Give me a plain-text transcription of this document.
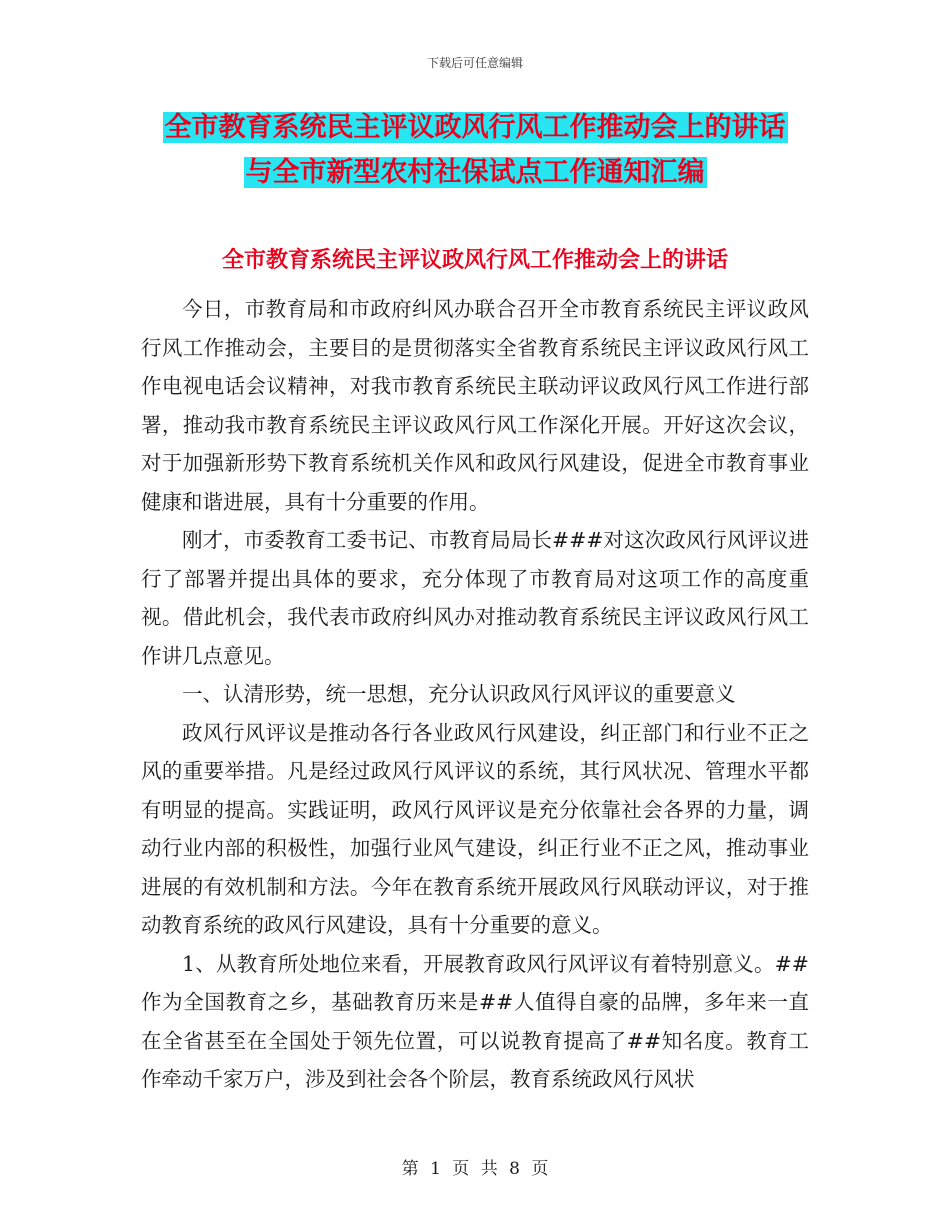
下载后可任意编辑
全市教育系统民主评议政风行风工作推动会上的讲话
与全市新型农村社保试点工作通知汇编
全市教育系统民主评议政风行风工作推动会上的讲话

今日，市教育局和市政府纠风办联合召开全市教育系统民主评议政风行风工作推动会，主要目的是贯彻落实全省教育系统民主评议政风行风工作电视电话会议精神，对我市教育系统民主联动评议政风行风工作进行部署，推动我市教育系统民主评议政风行风工作深化开展。开好这次会议，对于加强新形势下教育系统机关作风和政风行风建设，促进全市教育事业健康和谐进展，具有十分重要的作用。

刚才，市委教育工委书记、市教育局局长###对这次政风行风评议进行了部署并提出具体的要求，充分体现了市教育局对这项工作的高度重视。借此机会，我代表市政府纠风办对推动教育系统民主评议政风行风工作讲几点意见。

一、认清形势，统一思想，充分认识政风行风评议的重要意义

政风行风评议是推动各行各业政风行风建设，纠正部门和行业不正之风的重要举措。凡是经过政风行风评议的系统，其行风状况、管理水平都有明显的提高。实践证明，政风行风评议是充分依靠社会各界的力量，调动行业内部的积极性，加强行业风气建设，纠正行业不正之风，推动事业进展的有效机制和方法。今年在教育系统开展政风行风联动评议，对于推动教育系统的政风行风建设，具有十分重要的意义。

1、从教育所处地位来看，开展教育政风行风评议有着特别意义。##作为全国教育之乡，基础教育历来是##人值得自豪的品牌，多年来一直在全省甚至在全国处于领先位置，可以说教育提高了##知名度。教育工作牵动千家万户，涉及到社会各个阶层，教育系统政风行风状

第 1 页 共 8 页
